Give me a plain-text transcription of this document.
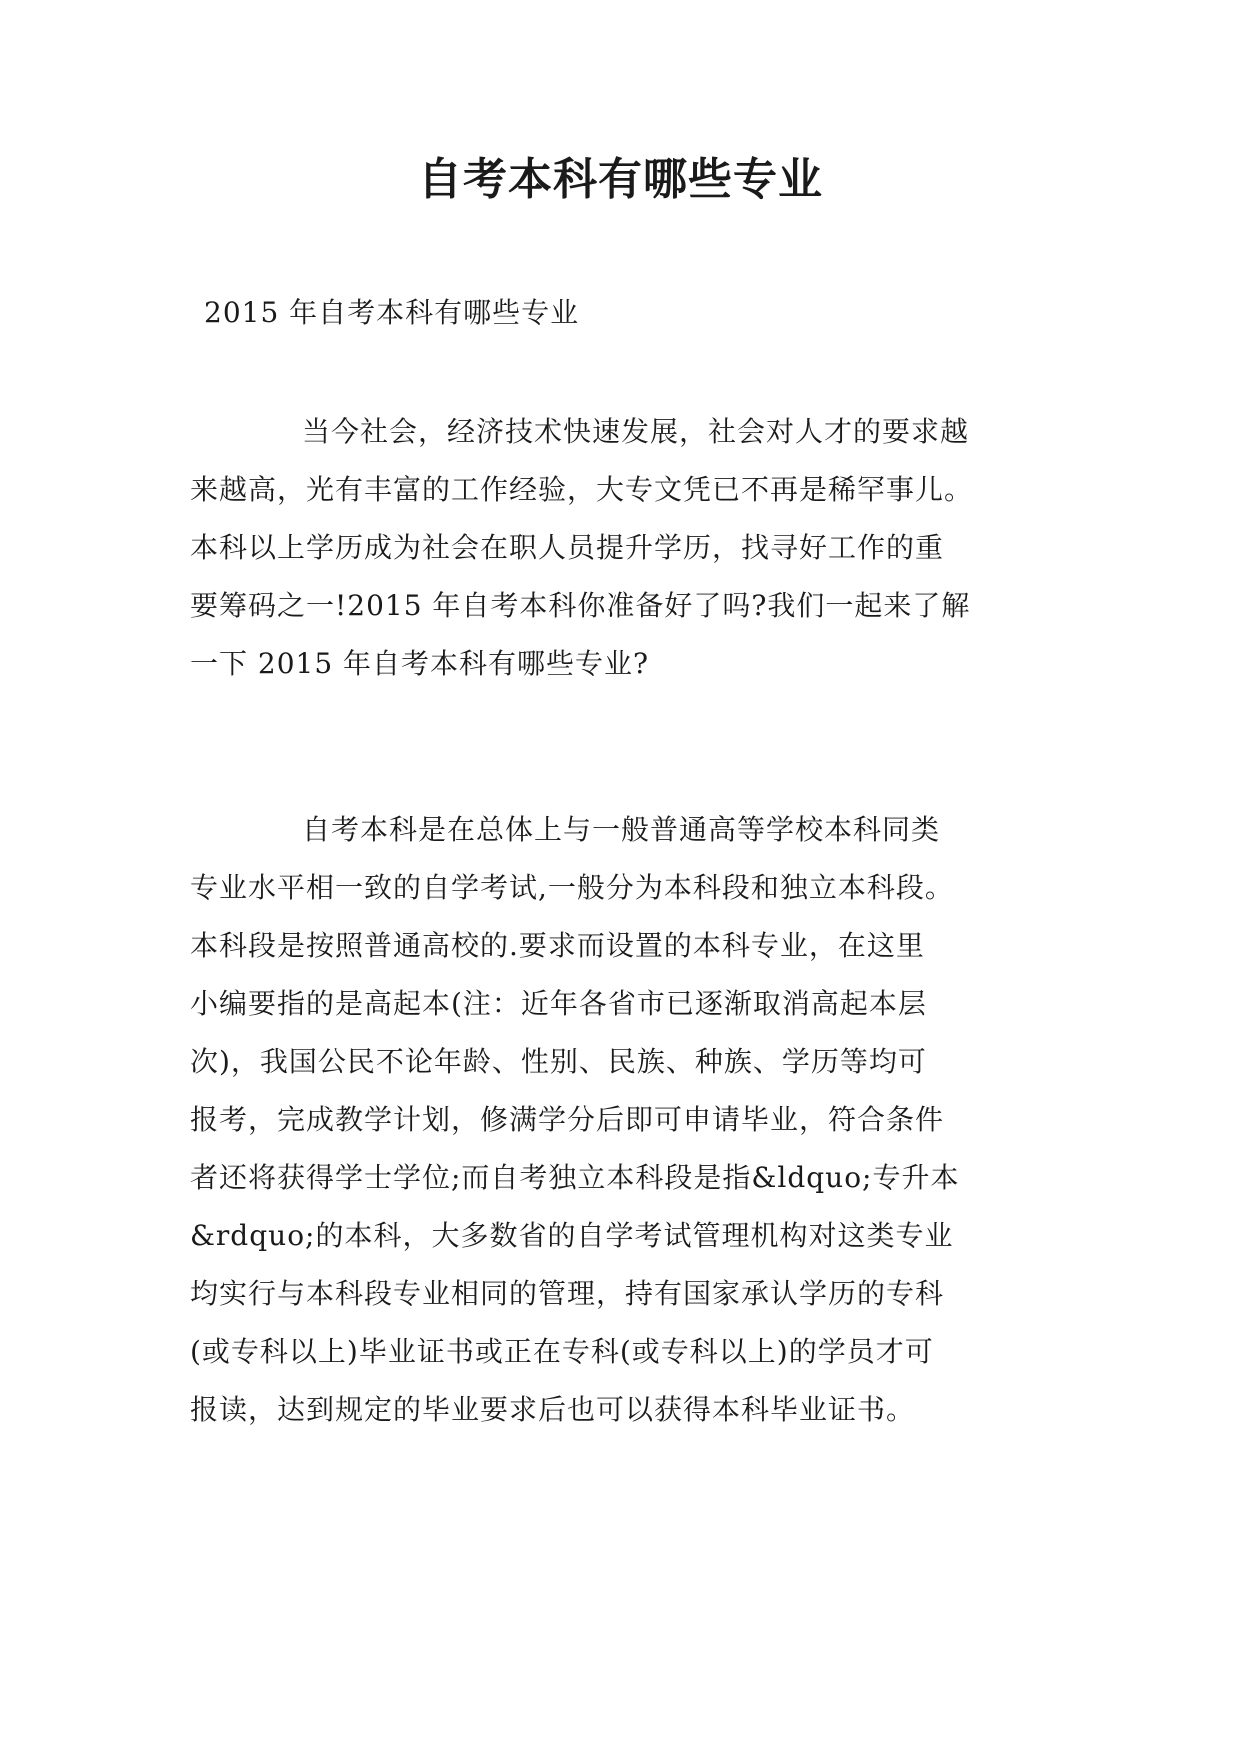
自考本科有哪些专业
2015 年自考本科有哪些专业
当今社会，经济技术快速发展，社会对人才的要求越
来越高，光有丰富的工作经验，大专文凭已不再是稀罕事儿。
本科以上学历成为社会在职人员提升学历，找寻好工作的重
要筹码之一!2015 年自考本科你准备好了吗?我们一起来了解
一下 2015 年自考本科有哪些专业?
自考本科是在总体上与一般普通高等学校本科同类
专业水平相一致的自学考试,一般分为本科段和独立本科段。
本科段是按照普通高校的.要求而设置的本科专业，在这里
小编要指的是高起本(注：近年各省市已逐渐取消高起本层
次)，我国公民不论年龄、性别、民族、种族、学历等均可
报考，完成教学计划，修满学分后即可申请毕业，符合条件
者还将获得学士学位;而自考独立本科段是指&ldquo;专升本
&rdquo;的本科，大多数省的自学考试管理机构对这类专业
均实行与本科段专业相同的管理，持有国家承认学历的专科
(或专科以上)毕业证书或正在专科(或专科以上)的学员才可
报读，达到规定的毕业要求后也可以获得本科毕业证书。
